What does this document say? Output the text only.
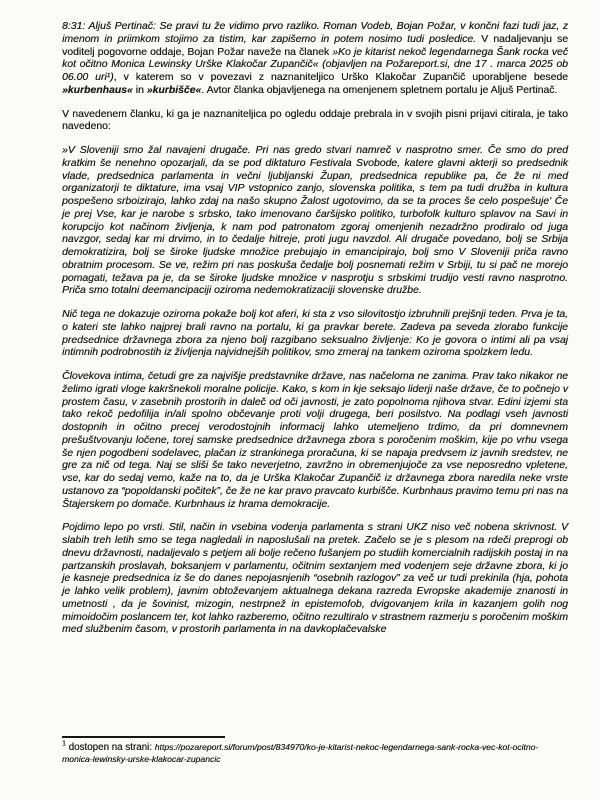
8:31: Aljuš Pertinač: Se pravi tu že vidimo prvo razliko. Roman Vodeb, Bojan Požar, v končni fazi tudi jaz, z imenom in priimkom stojimo za tistim, kar zapišemo in potem nosimo tudi posledice. V nadaljevanju se voditelj pogovorne oddaje, Bojan Požar naveže na članek »Ko je kitarist nekoč legendarnega Šank rocka več kot očitno Monica Lewinsky Urške Klakočar Zupančič« (objavljen na Požareport.si, dne 17 . marca 2025 ob 06.00 uri¹), v katerem so v povezavi z naznaniteljico Urško Klakočar Zupančič uporabljene besede »kurbenhaus« in »kurbišče«. Avtor članka objavljenega na omenjenem spletnem portalu je Aljuš Pertinač.

V navedenem članku, ki ga je naznaniteljica po ogledu oddaje prebrala in v svojih pisni prijavi citirala, je tako navedeno:

»V Sloveniji smo žal navajeni drugače. Pri nas gredo stvari namreč v nasprotno smer. Če smo do pred kratkim še nenehno opozarjali, da se pod diktaturo Festivala Svobode, katere glavni akterji so predsednik vlade, predsednica parlamenta in večni ljubljanski Župan, predsednica republike pa, če že ni med organizatorji te diktature, ima vsaj VIP vstopnico zanjo, slovenska politika, s tem pa tudi družba in kultura pospešeno srboizirajo, lahko zdaj na našo skupno Žalost ugotovimo, da se ta proces še celo pospešuje' Če je prej Vse, kar je narobe s srbsko, tako imenovano čaršijsko politiko, turbofolk kulturo splavov na Savi in korupcijo kot načinom življenja, k nam pod patronatom zgoraj omenjenih nezadržno prodiralo od juga navzgor, sedaj kar mi drvimo, in to čedalje hitreje, proti jugu navzdol. Ali drugače povedano, bolj se Srbija demokratizira, bolj se široke ljudske množice prebujajo in emancipirajo, bolj smo V Sloveniji priča ravno obratnim procesom. Se ve, režim pri nas poskuša čedalje bolj posnemati režim v Srbiji, tu si pač ne morejo pomagati, težava pa je, da se široke ljudske množice v nasprotju s srbskimi trudijo vesti ravno nasprotno. Priča smo totalni deemancipaciji oziroma nedemokratizaciji slovenske družbe.

Nič tega ne dokazuje oziroma pokaže bolj kot aferi, ki sta z vso silovitostjo izbruhnili prejšnji teden. Prva je ta, o kateri ste lahko najprej brali ravno na portalu, ki ga pravkar berete. Zadeva pa seveda zlorabo funkcije predsednice državnega zbora za njeno bolj razgibano seksualno življenje: Ko je govora o intimi ali pa vsaj intimnih podrobnostih iz življenja najvidnejših politikov, smo zmeraj na tankem oziroma spolzkem ledu.

Človekova intima, četudi gre za najvišje predstavnike države, nas načeloma ne zanima. Prav tako nikakor ne želimo igrati vloge kakršnekoli moralne policije. Kako, s kom in kje seksajo liderji naše države, če to počnejo v prostem času, v zasebnih prostorih in daleč od oči javnosti, je zato popolnoma njihova stvar. Edini izjemi sta tako rekoč pedofilija in/ali spolno občevanje proti volji drugega, beri posilstvo. Na podlagi vseh javnosti dostopnih in očitno precej verodostojnih informacij lahko utemeljeno trdimo, da pri domnevnem prešuštvovanju ločene, torej samske predsednice državnega zbora s poročenim moškim, kije po vrhu vsega še njen pogodbeni sodelavec, plačan iz strankinega proračuna, ki se napaja predvsem iz javnih sredstev, ne gre za nič od tega. Naj se sliši še tako neverjetno, zavržno in obremenjujoče za vse neposredno vpletene, vse, kar do sedaj vemo, kaže na to, da je Urška Klakočar Zupančič iz državnega zbora naredila neke vrste ustanovo za “popoldanski počitek”, če že ne kar pravo pravcato kurbišče. Kurbnhaus pravimo temu pri nas na Štajerskem po domače. Kurbnhaus iz hrama demokracije.

Pojdimo lepo po vrsti. Stil, način in vsebina vodenja parlamenta s strani UKZ niso več nobena skrivnost. V slabih treh letih smo se tega nagledali in naposlušali na pretek. Začelo se je s plesom na rdeči preprogi ob dnevu državnosti, nadaljevalo s petjem ali bolje rečeno fušanjem po studiih komercialnih radijskih postaj in na partzanskih proslavah, boksanjem v parlamentu, očitnim sextanjem med vodenjem seje državne zbora, ki jo je kasneje predsednica iz še do danes nepojasnjenih “osebnih razlogov” za več ur tudi prekinila (hja, pohota je lahko velik problem), javnim obtoževanjem aktualnega dekana razreda Evropske akademije znanosti in umetnosti , da je šovinist, mizogin, nestrpnež in epistemofob, dvigovanjem krila in kazanjem golih nog mimoidočim poslancem ter, kot lahko razberemo, očitno rezultiralo v strastnem razmerju s poročenim moškim med službenim časom, v prostorih parlamenta in na davkoplačevalske

$^1$ dostopen na strani: https://pozareport.si/forum/post/834970/ko-je-kitarist-nekoc-legendarnega-sank-rocka-vec-kot-ocitno-monica-lewinsky-urske-klakocar-zupancic
